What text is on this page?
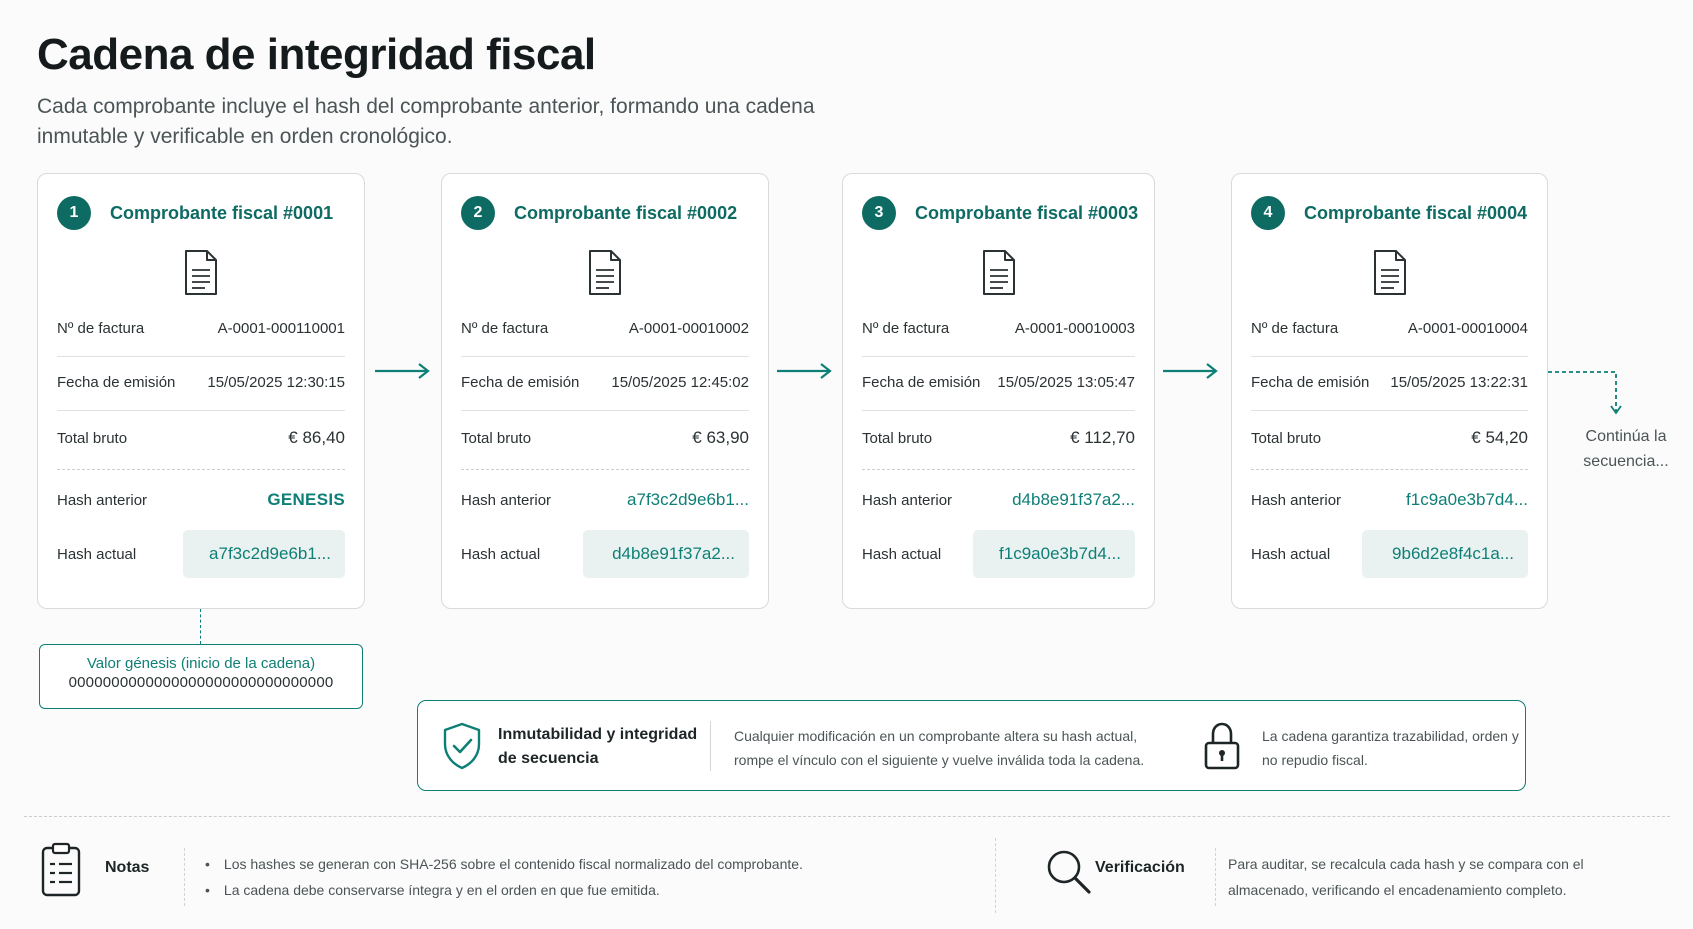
Cadena de integridad fiscal
Cada comprobante incluye el hash del comprobante anterior, formando una cadena inmutable y verificable en orden cronológico.
1	Comprobante fiscal #0001
Nº de factura	A-0001-000110001
Fecha de emisión 15/05/2025 12:30:15
Total bruto	€ 86,40
Hash anterior	GENESIS
Hash actual	a7f3c2d9e6b1...
2	Comprobante fiscal #0002
Nº de factura	A-0001-00010002
Fecha de emisión 15/05/2025 12:45:02
Total bruto	€ 63,90
Hash anterior	a7f3c2d9e6b1...
Hash actual	d4b8e91f37a2...
3	Comprobante fiscal #0003
Nº de factura	A-0001-00010003
Fecha de emisión 15/05/2025 13:05:47
Total bruto	€ 112,70
Hash anterior	d4b8e91f37a2...
Hash actual	f1c9a0e3b7d4...
4	Comprobante fiscal #0004
Nº de factura	A-0001-00010004
Fecha de emisión 15/05/2025 13:22:31
Total bruto	€ 54,20
Hash anterior	f1c9a0e3b7d4...
Hash actual	9b6d2e8f4c1a...
Continúa la secuencia...
Valor génesis (inicio de la cadena)
0000000000000000000000000000000
Inmutabilidad y integridad de secuencia
Cualquier modificación en un comprobante altera su hash actual, rompe el vínculo con el siguiente y vuelve inválida toda la cadena.
La cadena garantiza trazabilidad, orden y no repudio fiscal.
Notas
•	Los hashes se generan con SHA-256 sobre el contenido fiscal normalizado del comprobante.
• La cadena debe conservarse íntegra y en el orden en que fue emitida.
Verificación	Para auditar, se recalcula cada hash y se compara con el almacenado, verificando el encadenamiento completo.
